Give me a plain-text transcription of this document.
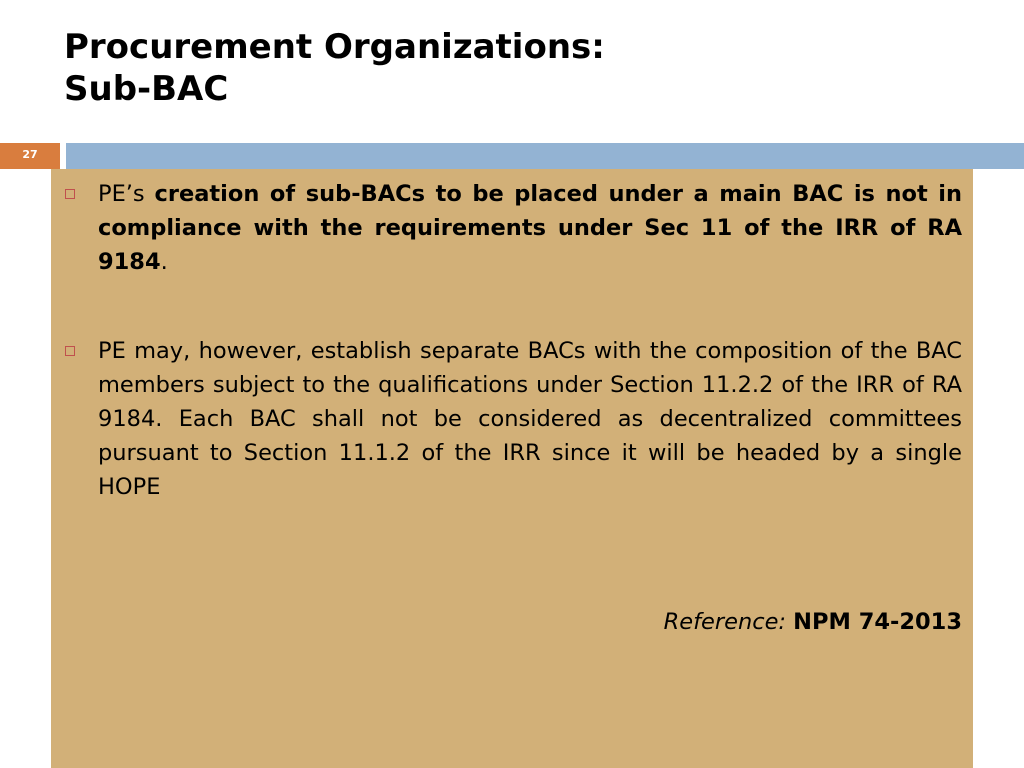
Procurement Organizations:
Sub-BAC
27
PE’s creation of sub-BACs to be placed under a main BAC is not in compliance with the requirements under Sec 11 of the IRR of RA 9184.
PE may, however, establish separate BACs with the composition of the BAC members subject to the qualifications under Section 11.2.2 of the IRR of RA 9184. Each BAC shall not be considered as decentralized committees pursuant to Section 11.1.2 of the IRR since it will be headed by a single HOPE
Reference: NPM 74-2013
